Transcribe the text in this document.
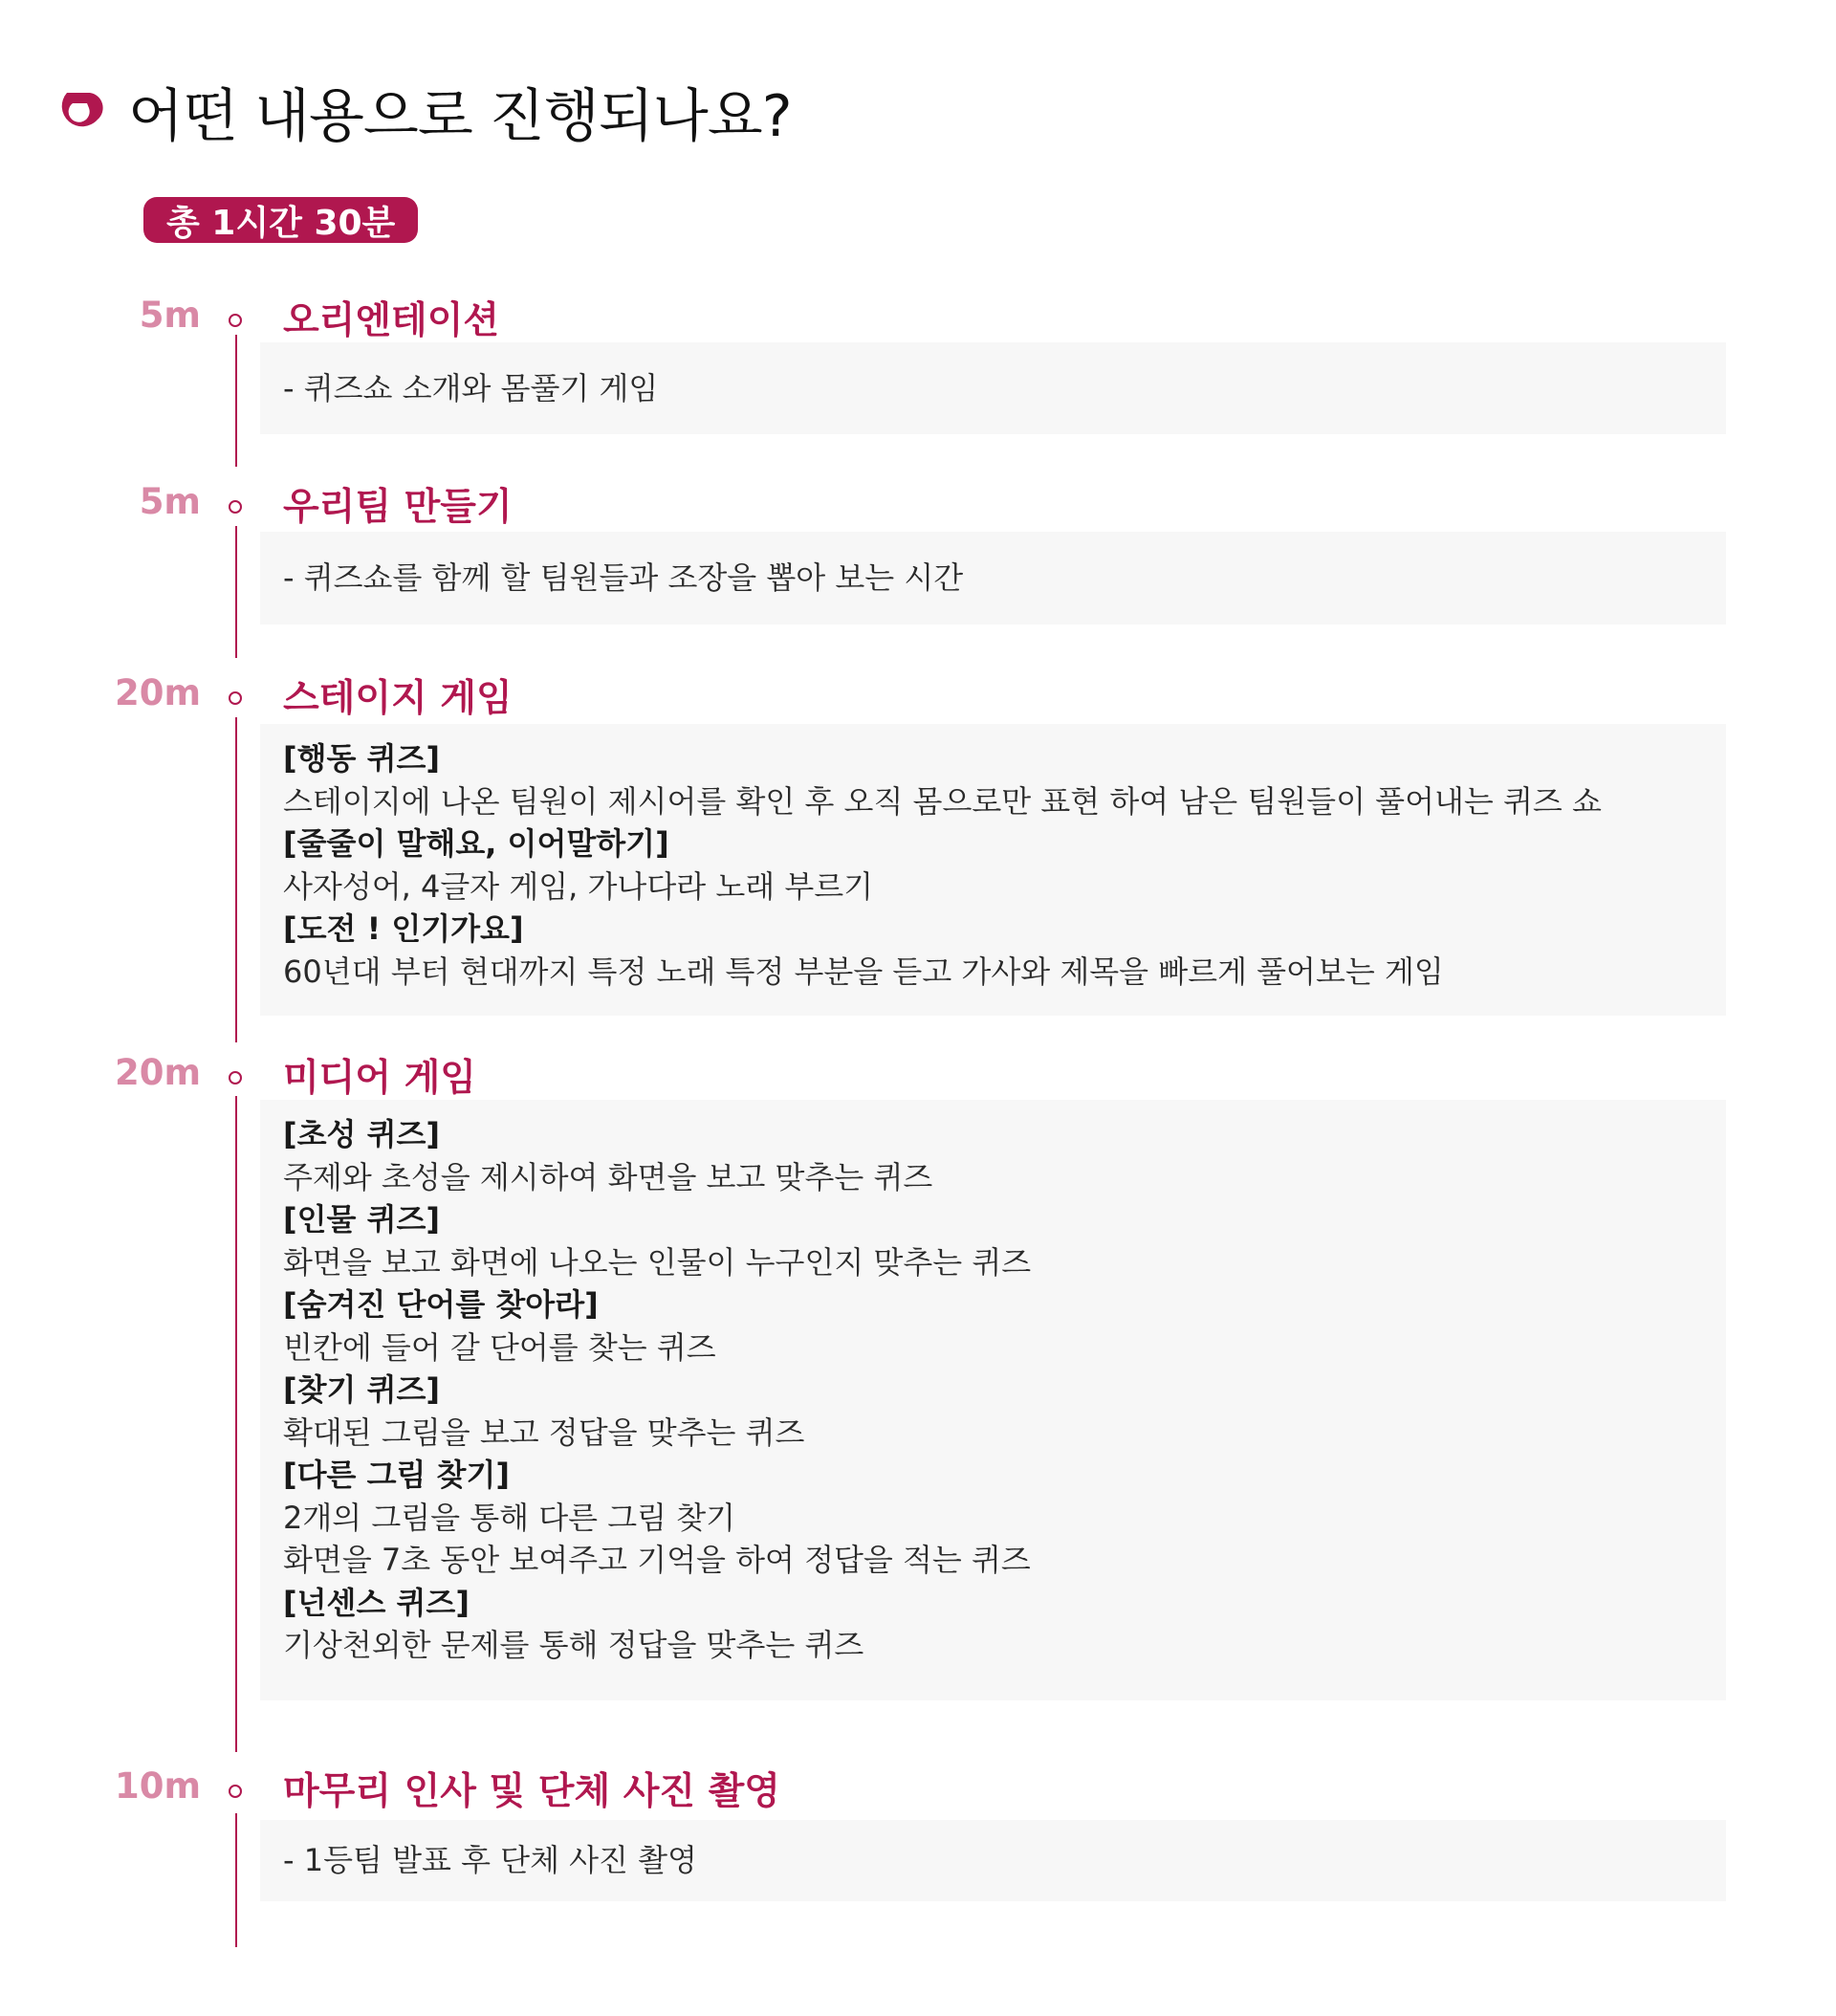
어떤 내용으로 진행되나요?
총 1시간 30분
5m 오리엔테이션
- 퀴즈쇼 소개와 몸풀기 게임
5m 우리팀 만들기
- 퀴즈쇼를 함께 할 팀원들과 조장을 뽑아 보는 시간
20m 스테이지 게임
[행동 퀴즈]
스테이지에 나온 팀원이 제시어를 확인 후 오직 몸으로만 표현 하여 남은 팀원들이 풀어내는 퀴즈 쇼
[줄줄이 말해요, 이어말하기]
사자성어, 4글자 게임, 가나다라 노래 부르기
[도전 ! 인기가요]
60년대 부터 현대까지 특정 노래 특정 부분을 듣고 가사와 제목을 빠르게 풀어보는 게임
20m 미디어 게임
[초성 퀴즈]
주제와 초성을 제시하여 화면을 보고 맞추는 퀴즈
[인물 퀴즈]
화면을 보고 화면에 나오는 인물이 누구인지 맞추는 퀴즈
[숨겨진 단어를 찾아라]
빈칸에 들어 갈 단어를 찾는 퀴즈
[찾기 퀴즈]
확대된 그림을 보고 정답을 맞추는 퀴즈
[다른 그림 찾기]
2개의 그림을 통해 다른 그림 찾기
화면을 7초 동안 보여주고 기억을 하여 정답을 적는 퀴즈
[넌센스 퀴즈]
기상천외한 문제를 통해 정답을 맞추는 퀴즈
10m 마무리 인사 및 단체 사진 촬영
- 1등팀 발표 후 단체 사진 촬영
